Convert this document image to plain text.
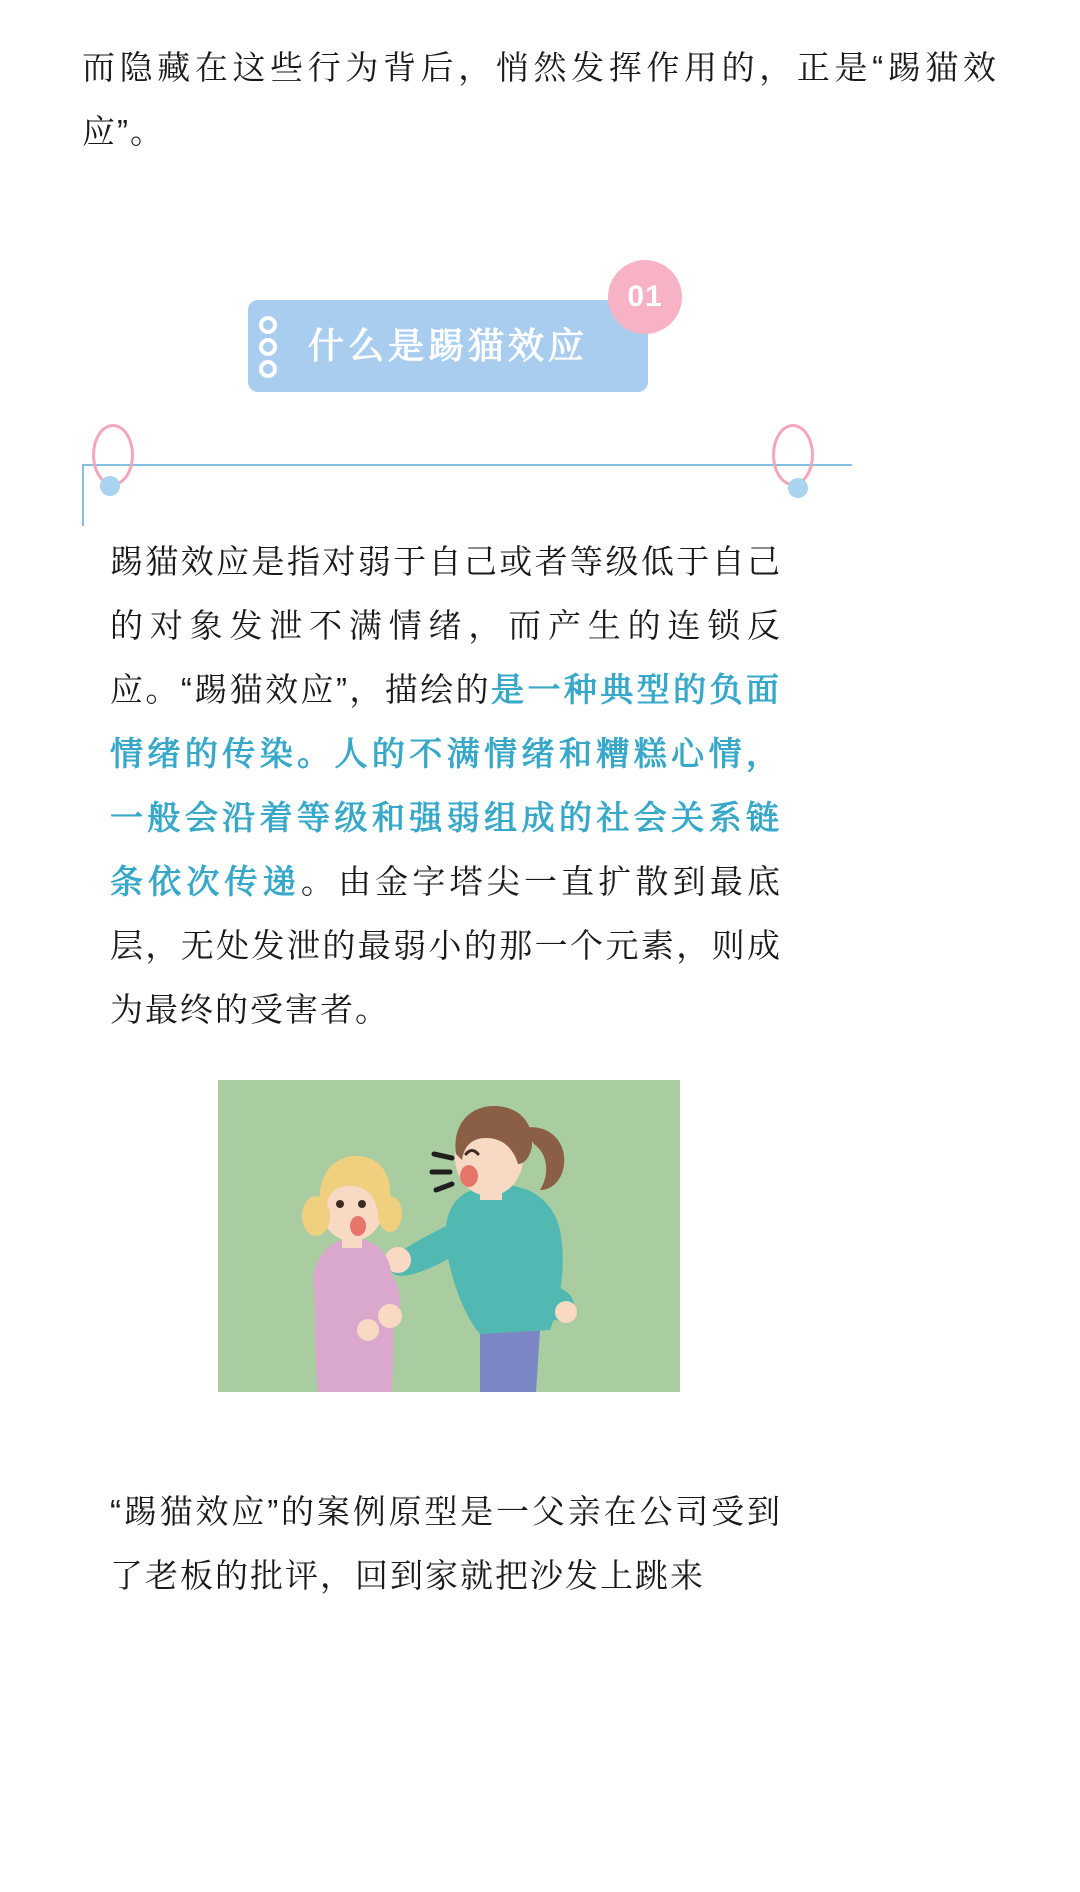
而隐藏在这些行为背后，悄然发挥作用的，正是“踢猫效应”。
什么是踢猫效应
01
踢猫效应是指对弱于自己或者等级低于自己的对象发泄不满情绪，而产生的连锁反应。“踢猫效应”，描绘的是一种典型的负面情绪的传染。人的不满情绪和糟糕心情，一般会沿着等级和强弱组成的社会关系链条依次传递。由金字塔尖一直扩散到最底层，无处发泄的最弱小的那一个元素，则成为最终的受害者。
“踢猫效应”的案例原型是一父亲在公司受到了老板的批评，回到家就把沙发上跳来
